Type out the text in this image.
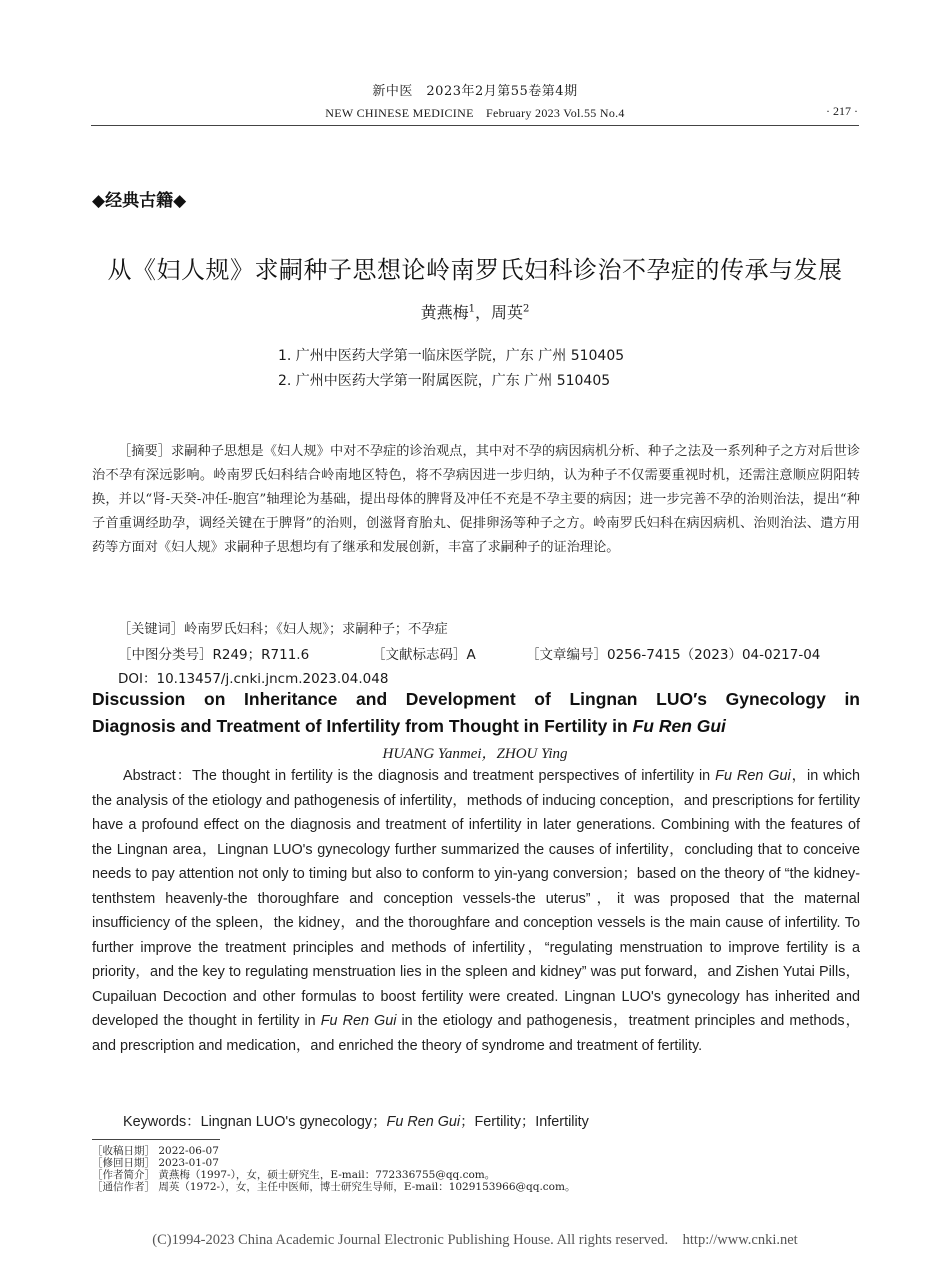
新中医　2023年2月第55卷第4期
NEW CHINESE MEDICINE　February 2023 Vol.55 No.4	· 217 ·
◆经典古籍◆
从《妇人规》求嗣种子思想论岭南罗氏妇科诊治不孕症的传承与发展
黄燕梅$^1$，周英$^2$
1. 广州中医药大学第一临床医学院，广东 广州 510405
2. 广州中医药大学第一附属医院，广东 广州 510405
［摘要］求嗣种子思想是《妇人规》中对不孕症的诊治观点，其中对不孕的病因病机分析、种子之法及一系列种子之方对后世诊治不孕有深远影响。岭南罗氏妇科结合岭南地区特色，将不孕病因进一步归纳，认为种子不仅需要重视时机，还需注意顺应阴阳转换，并以“肾-天癸-冲任-胞宫”轴理论为基础，提出母体的脾肾及冲任不充是不孕主要的病因；进一步完善不孕的治则治法，提出“种子首重调经助孕，调经关键在于脾肾”的治则，创滋肾育胎丸、促排卵汤等种子之方。岭南罗氏妇科在病因病机、治则治法、遣方用药等方面对《妇人规》求嗣种子思想均有了继承和发展创新，丰富了求嗣种子的证治理论。
［关键词］岭南罗氏妇科；《妇人规》；求嗣种子；不孕症
［中图分类号］R249；R711.6	［文献标志码］A	［文章编号］0256-7415（2023）04-0217-04
DOI：10.13457/j.cnki.jncm.2023.04.048
Discussion on Inheritance and Development of Lingnan LUO′s Gynecology in
Diagnosis and Treatment of Infertility from Thought in Fertility in Fu Ren Gui
HUANG Yanmei，ZHOU Ying
Abstract：The thought in fertility is the diagnosis and treatment perspectives of infertility in Fu Ren Gui，in which the analysis of the etiology and pathogenesis of infertility，methods of inducing conception，and prescriptions for fertility have a profound effect on the diagnosis and treatment of infertility in later generations. Combining with the features of the Lingnan area，Lingnan LUO's gynecology further summarized the causes of infertility，concluding that to conceive needs to pay attention not only to timing but also to conform to yin-yang conversion；based on the theory of “the kidney-tenthstem heavenly-the thoroughfare and conception vessels-the uterus”，it was proposed that the maternal insufficiency of the spleen，the kidney，and the thoroughfare and conception vessels is the main cause of infertility. To further improve the treatment principles and methods of infertility，“regulating menstruation to improve fertility is a priority，and the key to regulating menstruation lies in the spleen and kidney” was put forward，and Zishen Yutai Pills，Cupailuan Decoction and other formulas to boost fertility were created. Lingnan LUO's gynecology has inherited and developed the thought in fertility in Fu Ren Gui in the etiology and pathogenesis，treatment principles and methods，and prescription and medication，and enriched the theory of syndrome and treatment of fertility.
Keywords：Lingnan LUO's gynecology；Fu Ren Gui；Fertility；Infertility
［收稿日期］ 2022-06-07
［修回日期］ 2023-01-07
［作者简介］ 黄燕梅（1997-），女，硕士研究生，E-mail：772336755@qq.com。
［通信作者］ 周英（1972-），女，主任中医师，博士研究生导师，E-mail：1029153966@qq.com。
(C)1994-2023 China Academic Journal Electronic Publishing House. All rights reserved.　http://www.cnki.net
